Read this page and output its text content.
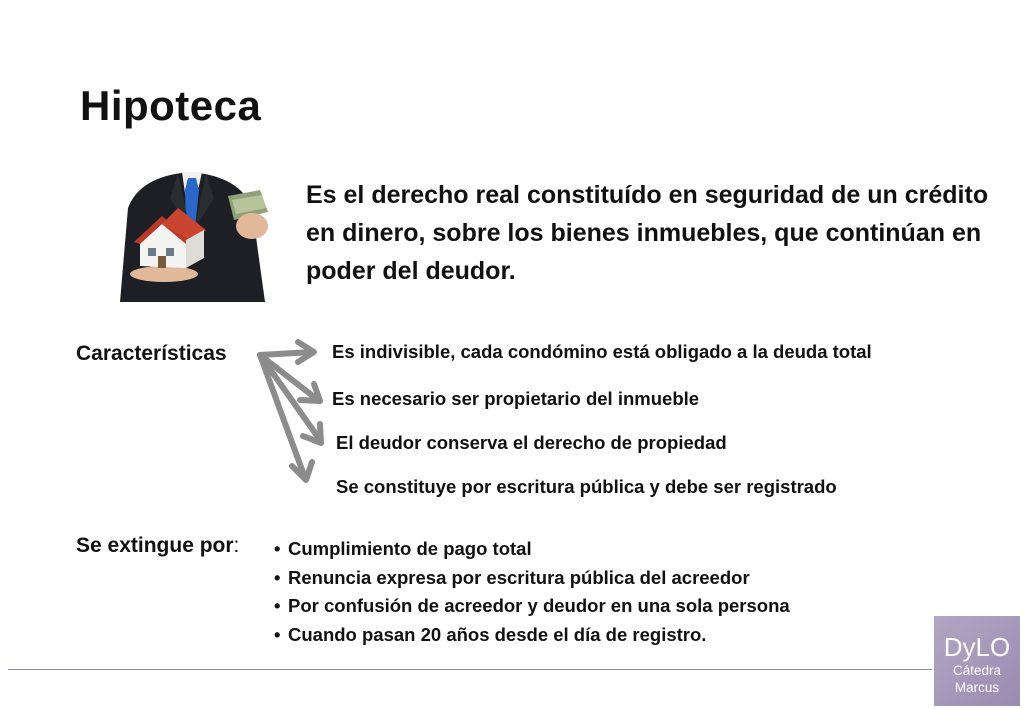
Hipoteca
Es el derecho real constituído en seguridad de un crédito en dinero, sobre los bienes inmuebles, que continúan en poder del deudor.
Características	Es indivisible, cada condómino está obligado a la deuda total
Es necesario ser propietario del inmueble
El deudor conserva el derecho de propiedad
Se constituye por escritura pública y debe ser registrado
Se extingue por: • Cumplimiento de pago total
• Renuncia expresa por escritura pública del acreedor
• Por confusión de acreedor y deudor en una sola persona
• Cuando pasan 20 años desde el día de registro.	DyLO
Cátedra
Marcus
